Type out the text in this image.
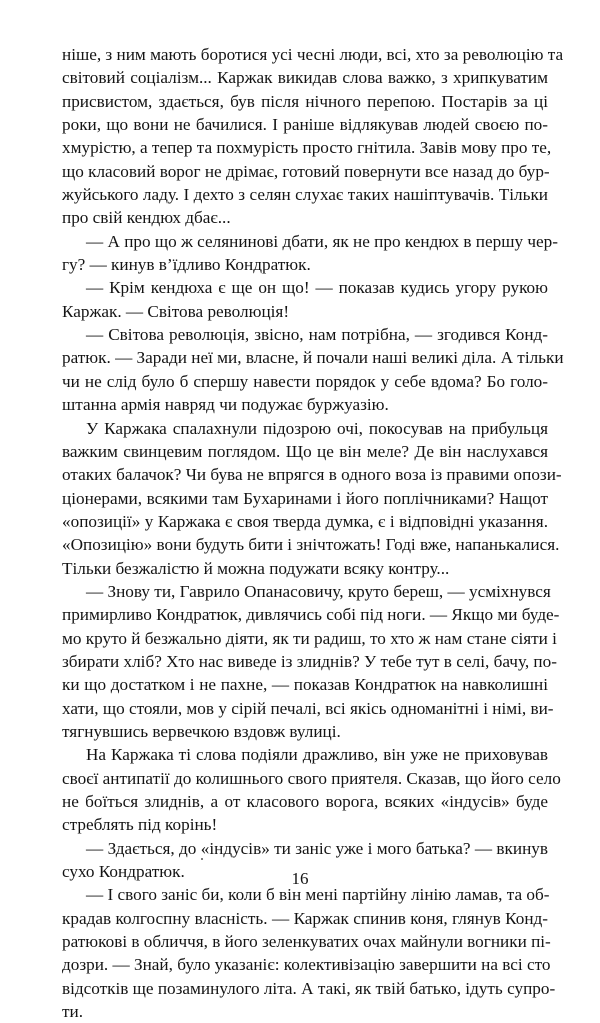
ніше, з ним мають боротися усі чесні люди, всі, хто за революцію та
світовий соціалізм... Каржак викидав слова важко, з хрипкуватим
присвистом, здається, був після нічного перепою. Постарів за ці
роки, що вони не бачилися. І раніше відлякував людей своєю по-
хмурістю, а тепер та похмурість просто гнітила. Завів мову про те,
що класовий ворог не дрімає, готовий повернути все назад до бур-
жуйського ладу. І дехто з селян слухає таких нашіптувачів. Тільки
про свій кендюх дбає...
— А про що ж селянинові дбати, як не про кендюх в першу чер-
гу? — кинув в’їдливо Кондратюк.
— Крім кендюха є ще он що! — показав кудись угору рукою
Каржак. — Світова революція!
— Світова революція, звісно, нам потрібна, — згодився Конд-
ратюк. — Заради неї ми, власне, й почали наші великі діла. А тільки
чи не слід було б спершу навести порядок у себе вдома? Бо голо-
штанна армія навряд чи подужає буржуазію.
У Каржака спалахнули підозрою очі, покосував на прибульця
важким свинцевим поглядом. Що це він меле? Де він наслухався
отаких балачок? Чи бува не впрягся в одного воза із правими опози-
ціонерами, всякими там Бухаринами і його поплічниками? Нащот
«опозиції» у Каржака є своя тверда думка, є і відповідні указання.
«Опозицію» вони будуть бити і знічтожать! Годі вже, напанькалися.
Тільки безжалістю й можна подужати всяку контру...
— Знову ти, Гаврило Опанасовичу, круто береш, — усміхнувся
примирливо Кондратюк, дивлячись собі під ноги. — Якщо ми буде-
мо круто й безжально діяти, як ти радиш, то хто ж нам стане сіяти і
збирати хліб? Хто нас виведе із злиднів? У тебе тут в селі, бачу, по-
ки що достатком і не пахне, — показав Кондратюк на навколишні
хати, що стояли, мов у сірій печалі, всі якісь одноманітні і німі, ви-
тягнувшись вервечкою вздовж вулиці.
На Каржака ті слова подіяли дражливо, він уже не приховував
своєї антипатії до колишнього свого приятеля. Сказав, що його село
не боїться злиднів, а от класового ворога, всяких «індусів» буде
стреблять під корінь!
— Здається, до «індусів» ти заніс уже і мого батька? — вкинув
сухо Кондратюк.
— І свого заніс би, коли б він мені партійну лінію ламав, та об-
крадав колгоспну власність. — Каржак спинив коня, глянув Конд-
ратюкові в обличчя, в його зеленкуватих очах майнули вогники пі-
дозри. — Знай, було указаніє: колективізацію завершити на всі сто
відсотків ще позаминулого літа. А такі, як твій батько, ідуть супро-
ти.
16
